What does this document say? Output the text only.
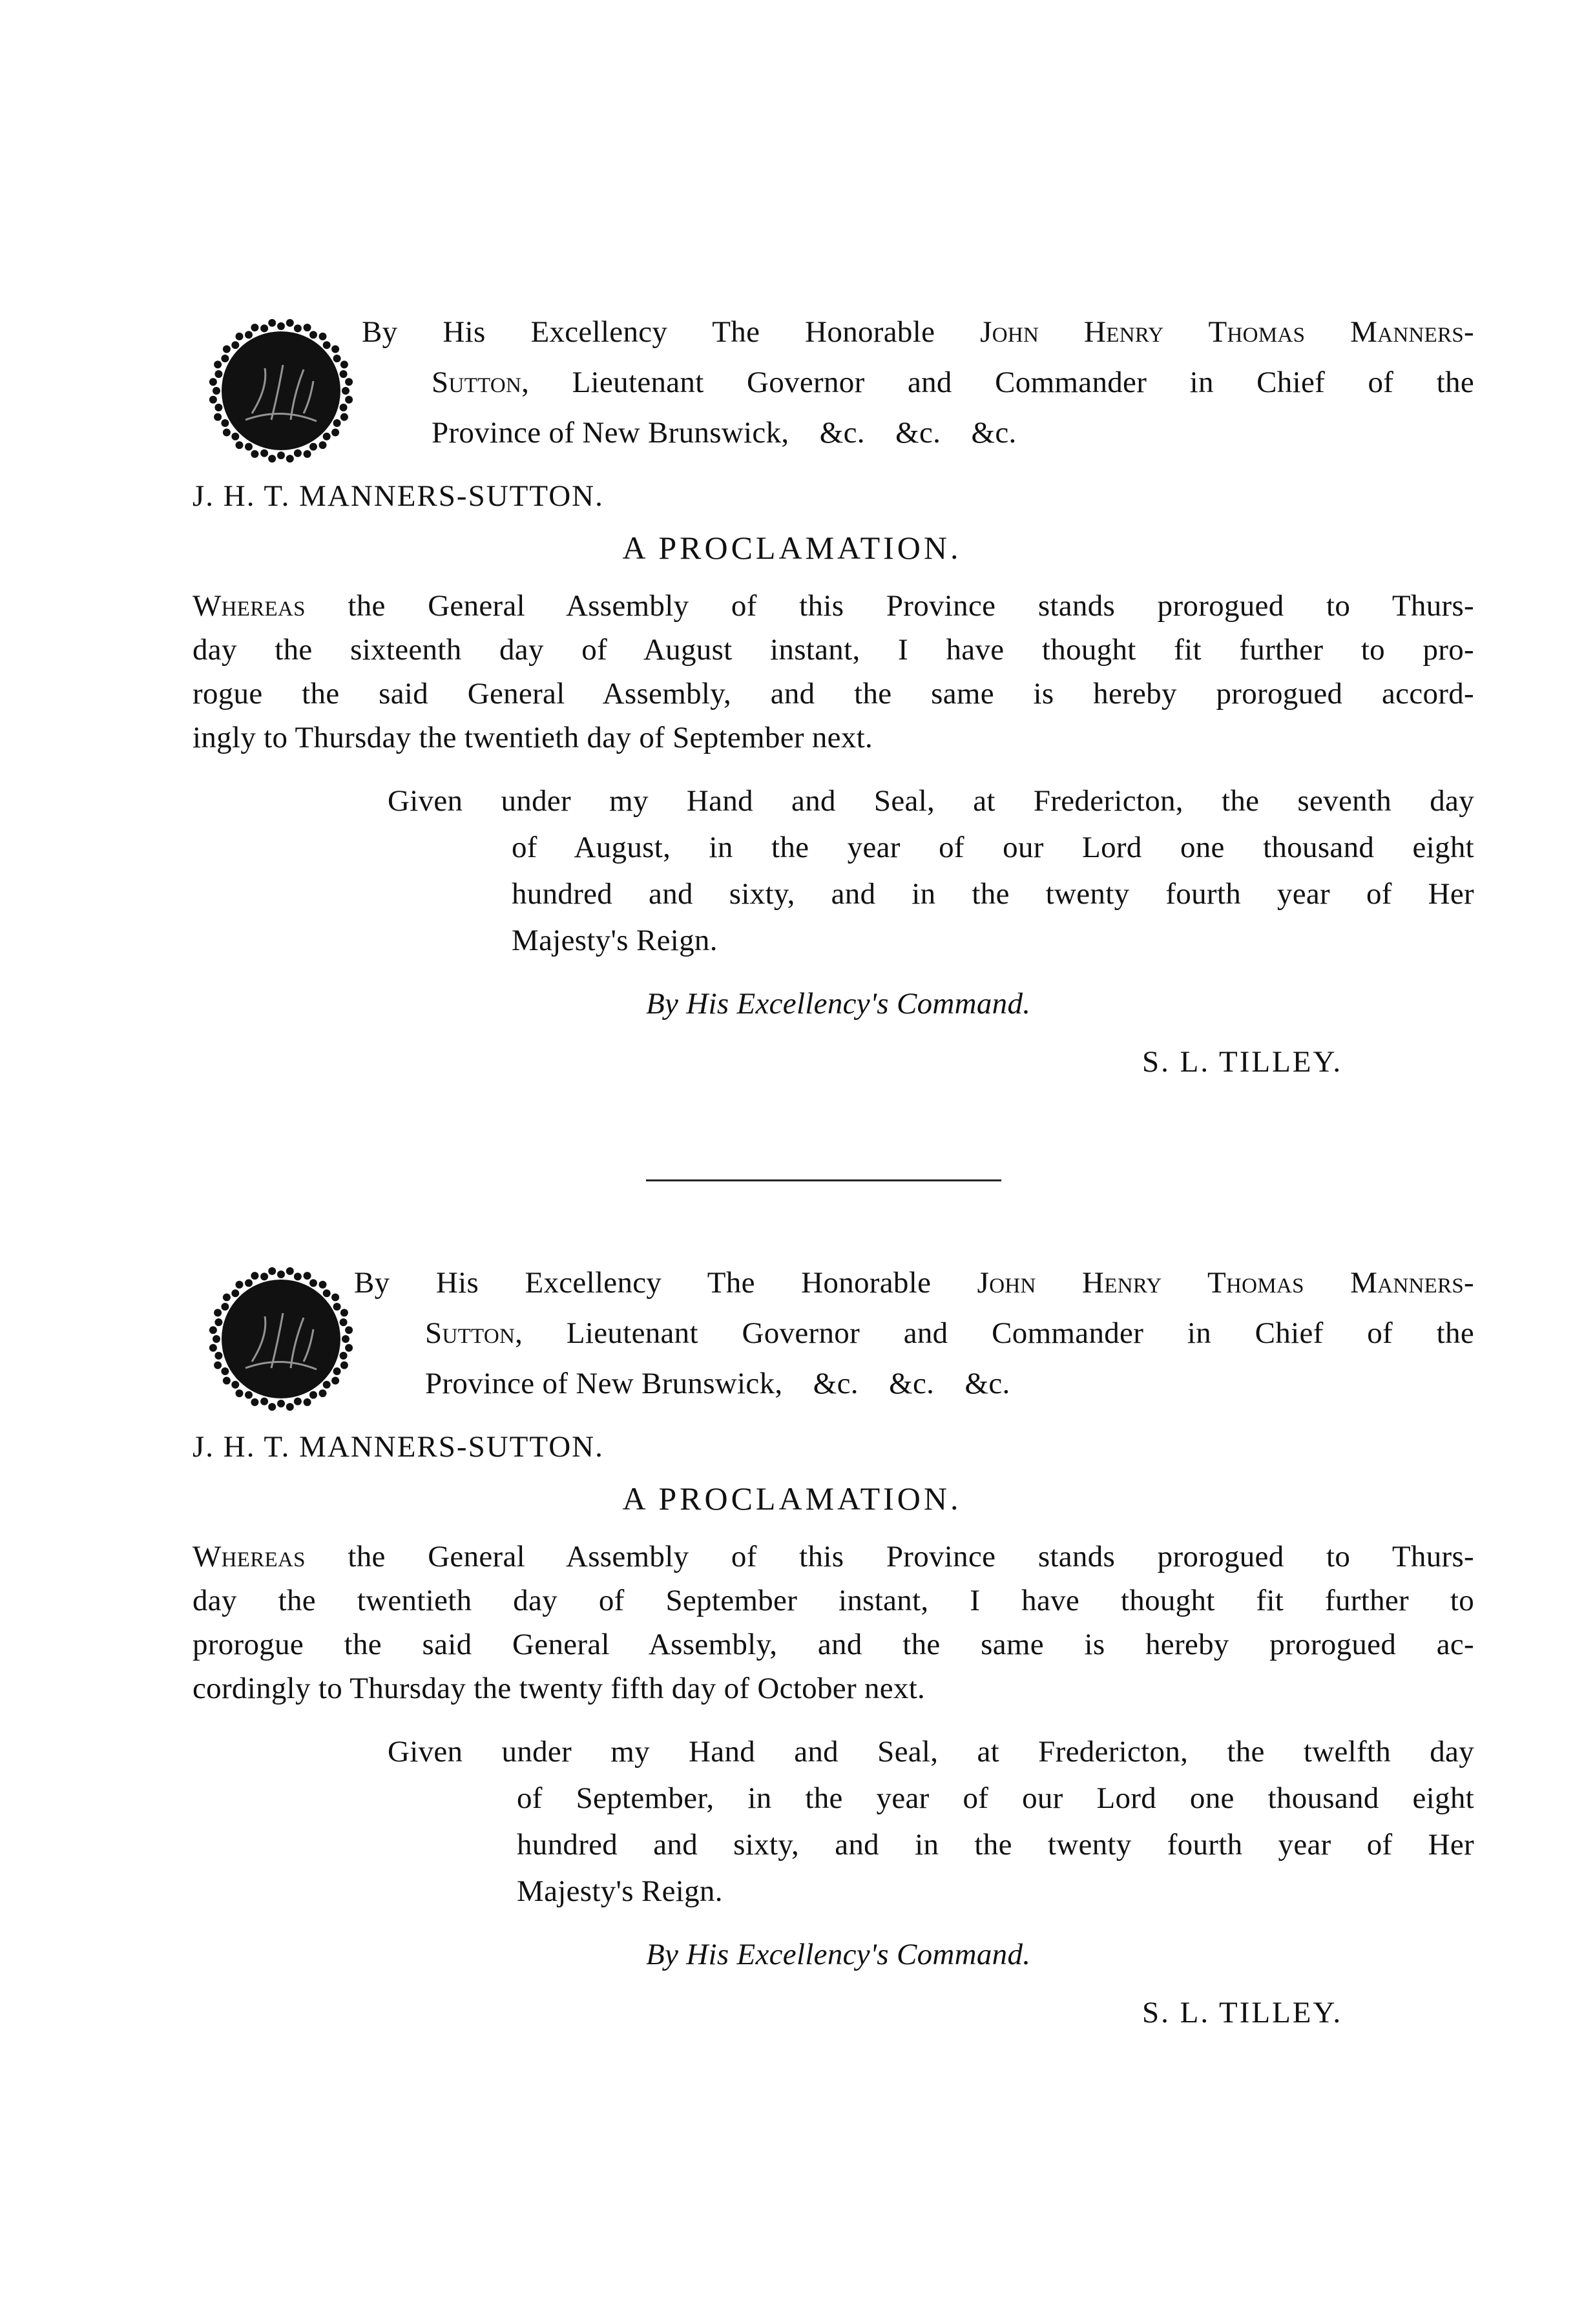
By His Excellency The Honorable John Henry Thomas Manners-
Sutton, Lieutenant Governor and Commander in Chief of the
Province of New Brunswick, &c. &c. &c.
J. H. T. MANNERS-SUTTON.
A PROCLAMATION.
Whereas the General Assembly of this Province stands prorogued to Thurs-
day the sixteenth day of August instant, I have thought fit further to pro-
rogue the said General Assembly, and the same is hereby prorogued accord-
ingly to Thursday the twentieth day of September next.
Given under my Hand and Seal, at Fredericton, the seventh day
of August, in the year of our Lord one thousand eight
hundred and sixty, and in the twenty fourth year of Her
Majesty's Reign.
By His Excellency's Command.
S. L. TILLEY.
By His Excellency The Honorable John Henry Thomas Manners-
Sutton, Lieutenant Governor and Commander in Chief of the
Province of New Brunswick, &c. &c. &c.
J. H. T. MANNERS-SUTTON.
A PROCLAMATION.
Whereas the General Assembly of this Province stands prorogued to Thurs-
day the twentieth day of September instant, I have thought fit further to
prorogue the said General Assembly, and the same is hereby prorogued ac-
cordingly to Thursday the twenty fifth day of October next.
Given under my Hand and Seal, at Fredericton, the twelfth day
of September, in the year of our Lord one thousand eight
hundred and sixty, and in the twenty fourth year of Her
Majesty's Reign.
By His Excellency's Command.
S. L. TILLEY.
